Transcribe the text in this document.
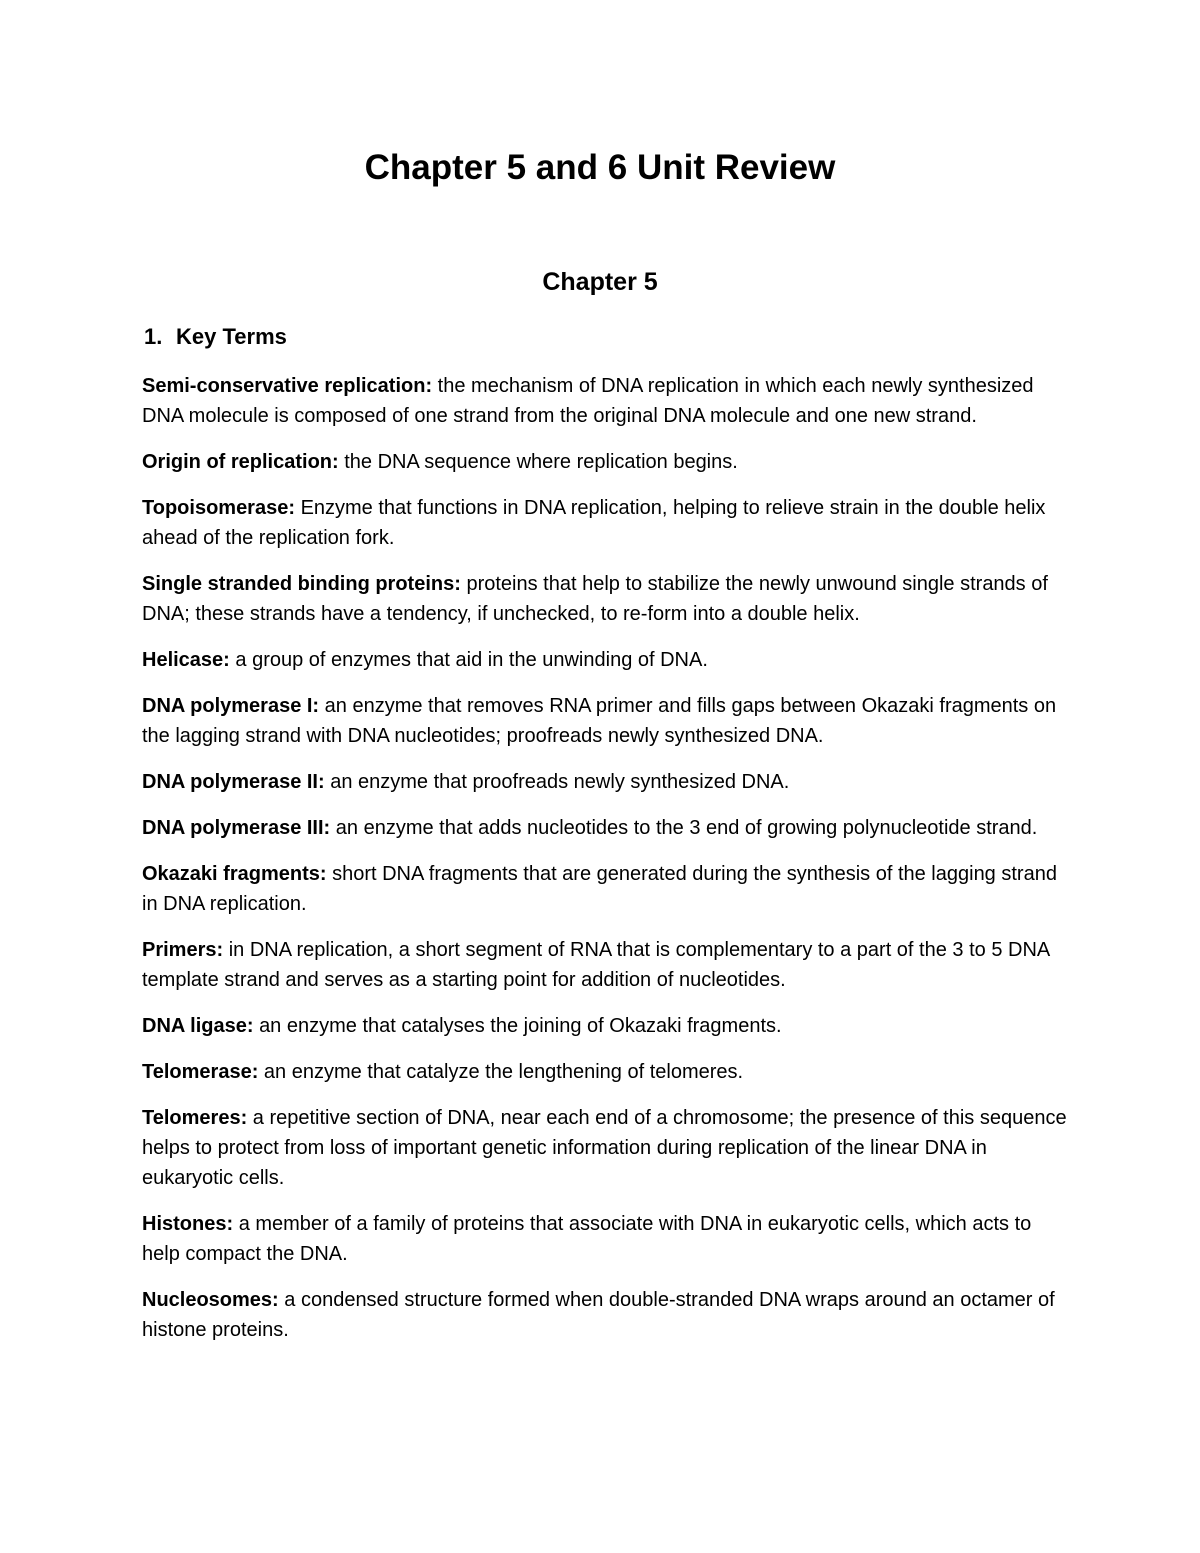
Chapter 5 and 6 Unit Review
Chapter 5
1. Key Terms
Semi-conservative replication: the mechanism of DNA replication in which each newly synthesized DNA molecule is composed of one strand from the original DNA molecule and one new strand.
Origin of replication: the DNA sequence where replication begins.
Topoisomerase: Enzyme that functions in DNA replication, helping to relieve strain in the double helix ahead of the replication fork.
Single stranded binding proteins: proteins that help to stabilize the newly unwound single strands of DNA; these strands have a tendency, if unchecked, to re-form into a double helix.
Helicase: a group of enzymes that aid in the unwinding of DNA.
DNA polymerase I: an enzyme that removes RNA primer and fills gaps between Okazaki fragments on the lagging strand with DNA nucleotides; proofreads newly synthesized DNA.
DNA polymerase II: an enzyme that proofreads newly synthesized DNA.
DNA polymerase III: an enzyme that adds nucleotides to the 3 end of growing polynucleotide strand.
Okazaki fragments: short DNA fragments that are generated during the synthesis of the lagging strand in DNA replication.
Primers: in DNA replication, a short segment of RNA that is complementary to a part of the 3 to 5 DNA template strand and serves as a starting point for addition of nucleotides.
DNA ligase: an enzyme that catalyses the joining of Okazaki fragments.
Telomerase: an enzyme that catalyze the lengthening of telomeres.
Telomeres: a repetitive section of DNA, near each end of a chromosome; the presence of this sequence helps to protect from loss of important genetic information during replication of the linear DNA in eukaryotic cells.
Histones: a member of a family of proteins that associate with DNA in eukaryotic cells, which acts to help compact the DNA.
Nucleosomes: a condensed structure formed when double-stranded DNA wraps around an octamer of histone proteins.
